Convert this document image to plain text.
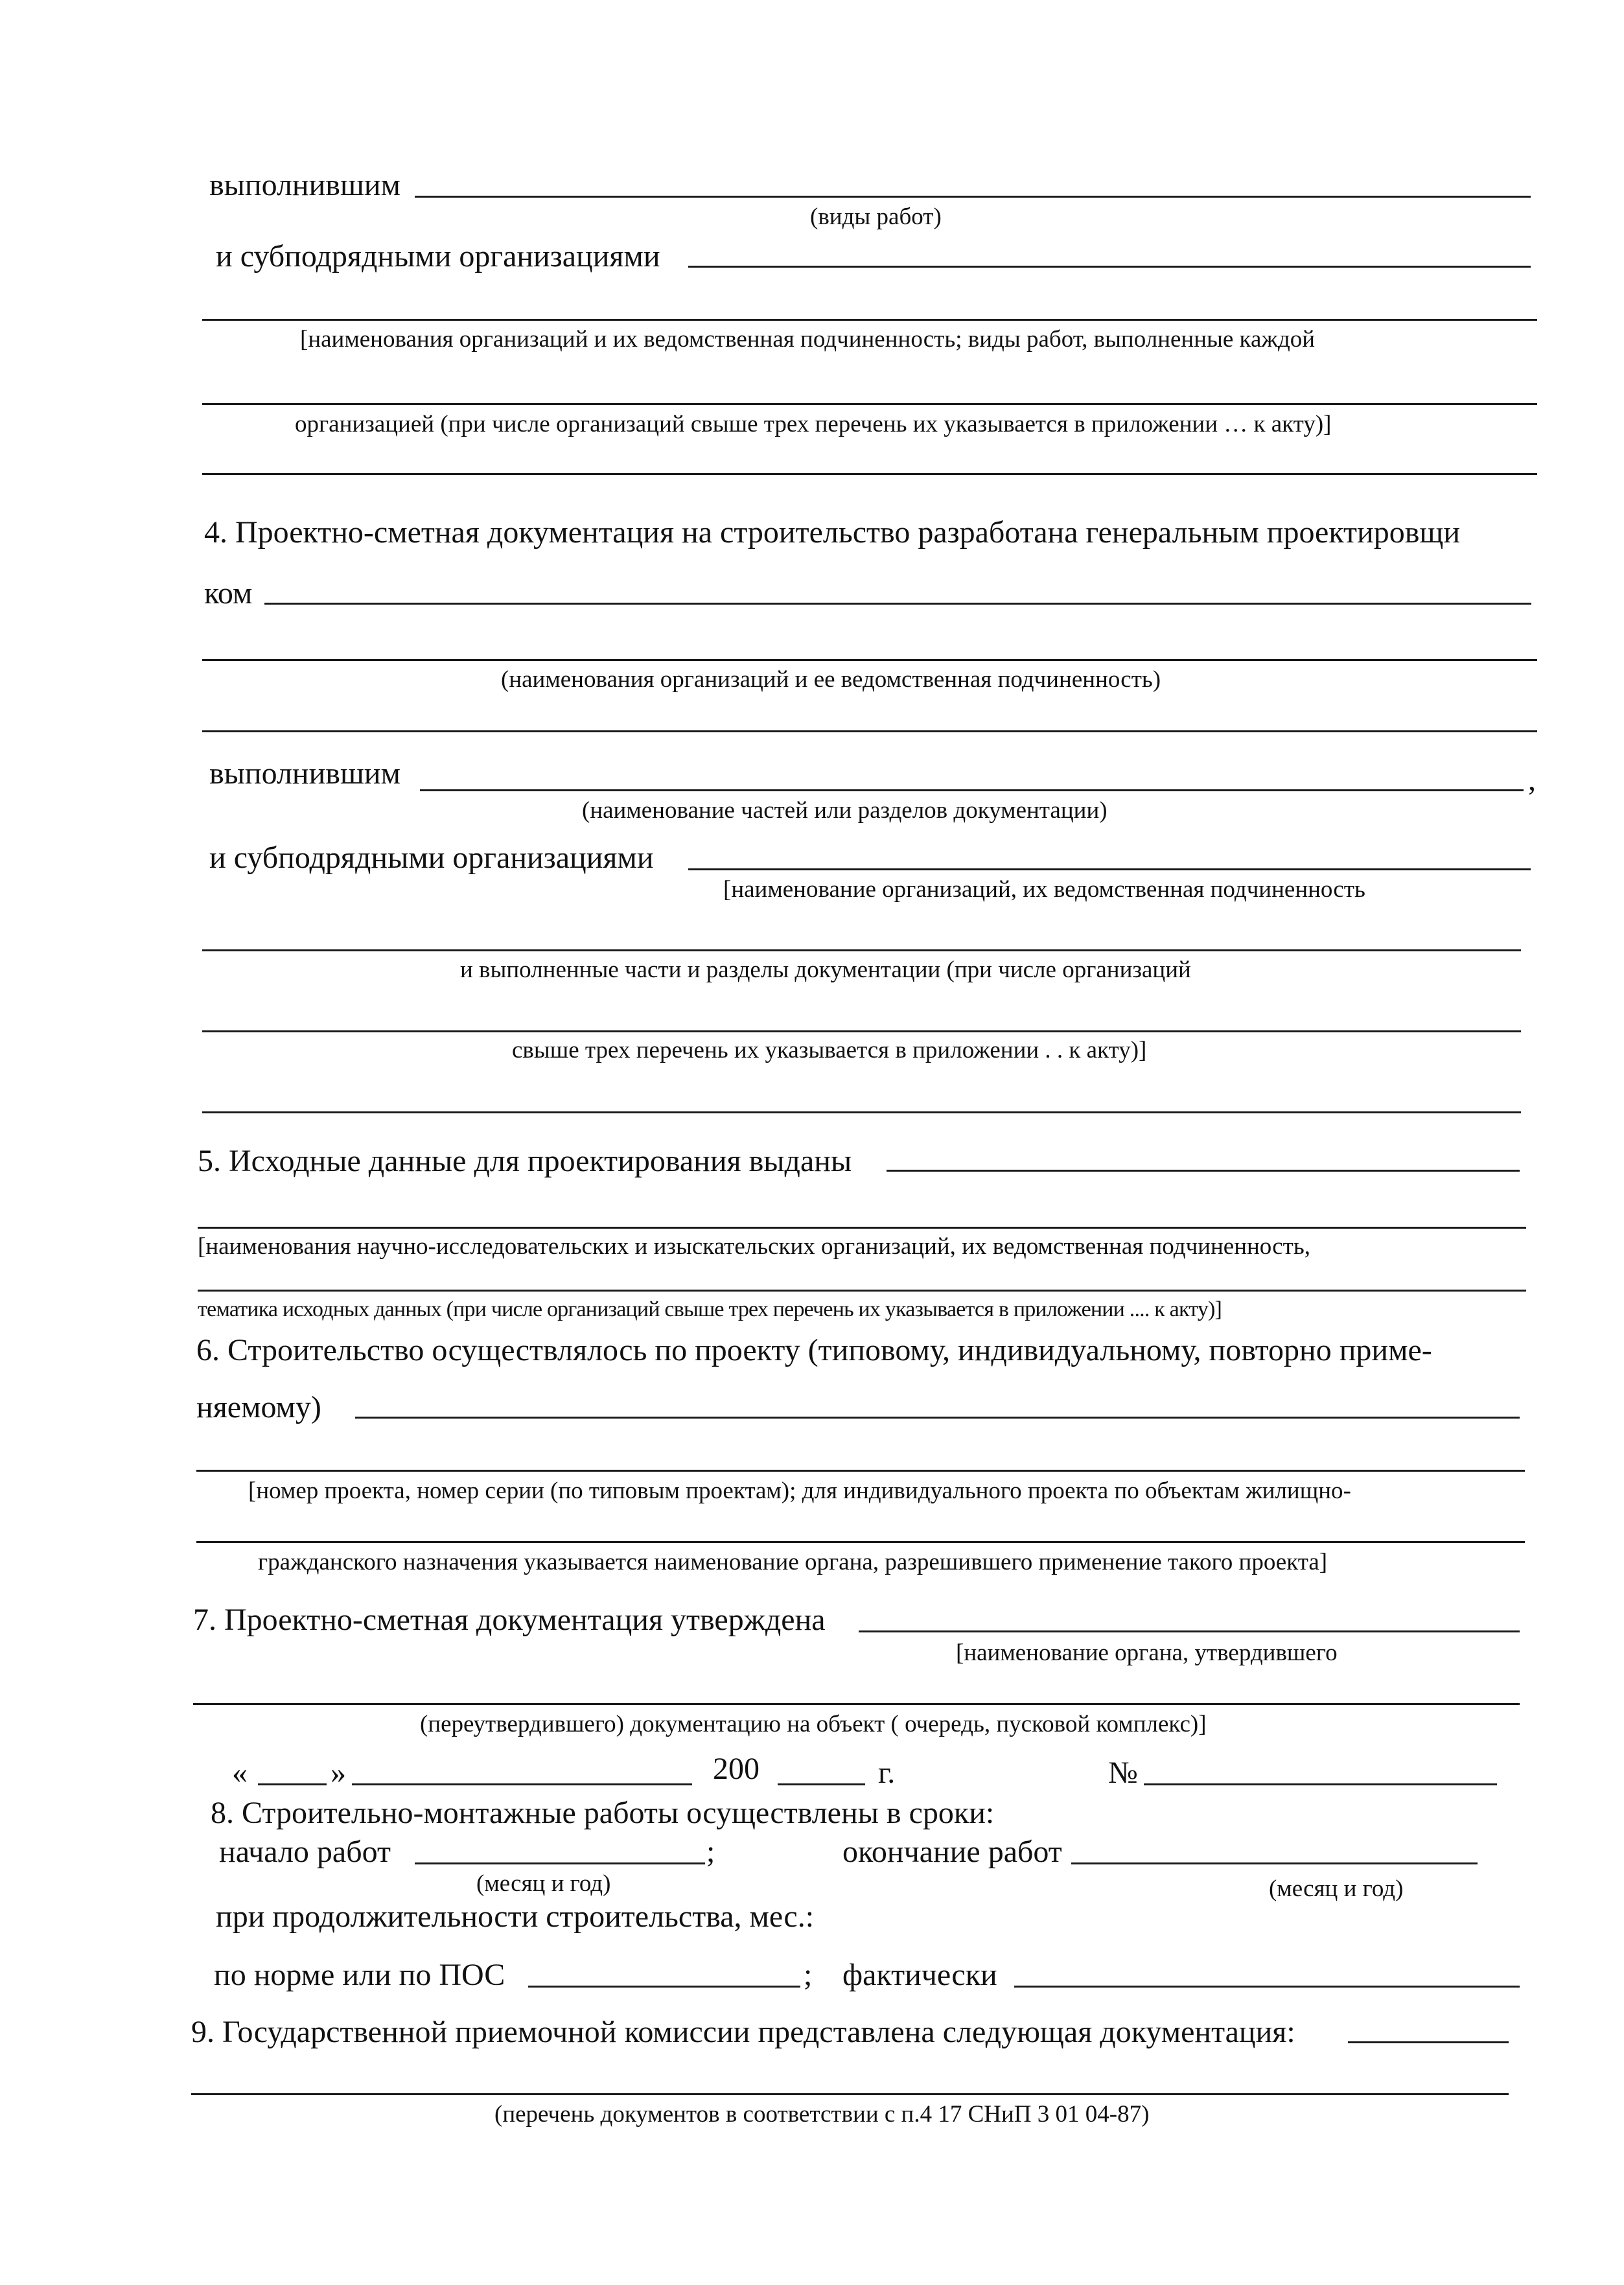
выполнившим
(виды работ)
и субподрядными организациями
[наименования организаций и их ведомственная подчиненность; виды работ, выполненные каждой
организацией (при числе организаций свыше трех перечень их указывается в приложении … к акту)]
4. Проектно-сметная документация на строительство разработана генеральным проектировщи
ком
(наименования организаций и ее ведомственная подчиненность)
выполнившим	,
(наименование частей или разделов документации)
и субподрядными организациями
[наименование организаций, их ведомственная подчиненность
и выполненные части и разделы документации (при числе организаций
свыше трех перечень их указывается в приложении . . к акту)]
5. Исходные данные для проектирования выданы
[наименования научно-исследовательских и изыскательских организаций, их ведомственная подчиненность,
тематика исходных данных (при числе организаций свыше трех перечень их указывается в приложении .... к акту)]
6. Строительство осуществлялось по проекту (типовому, индивидуальному, повторно приме-
няемому)
[номер проекта, номер серии (по типовым проектам); для индивидуального проекта по объектам жилищно-
гражданского назначения указывается наименование органа, разрешившего применение такого проекта]
7. Проектно-сметная документация утверждена
[наименование органа, утвердившего
(переутвердившего) документацию на объект ( очередь, пусковой комплекс)]
«	»	200	г.	№
8. Строительно-монтажные работы осуществлены в сроки:
начало работ	;	окончание работ
(месяц и год)	(месяц и год)
при продолжительности строительства, мес.:
по норме или по ПОС	; фактически
9. Государственной приемочной комиссии представлена следующая документация:
(перечень документов в соответствии с п.4 17 СНиП 3 01 04-87)
